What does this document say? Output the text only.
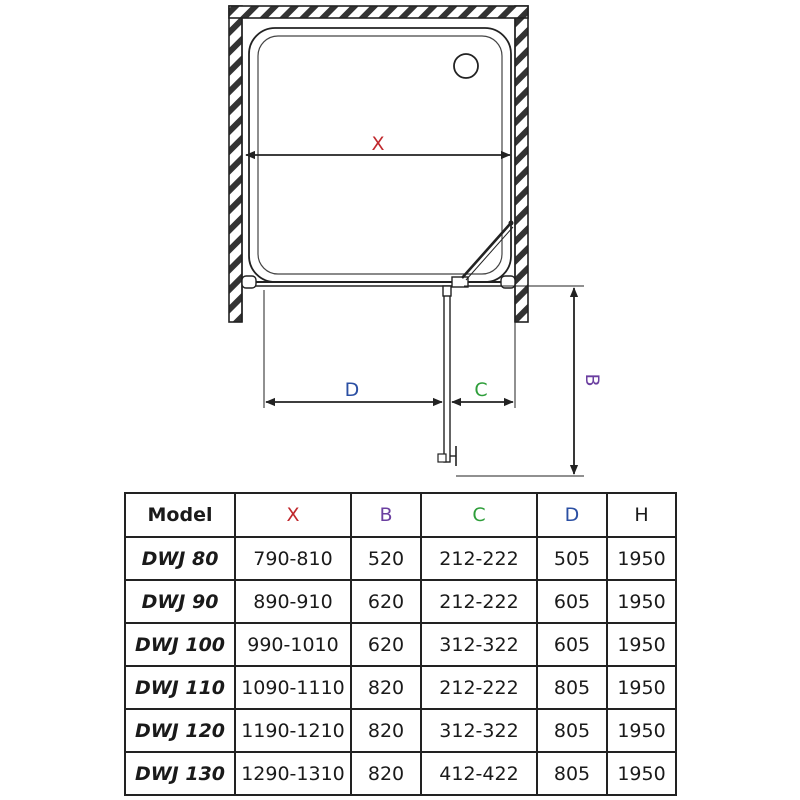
X
D	C	B
Model	X	B	C	D	H
DWJ 80	790-810	520	212-222	505	1950
DWJ 90	890-910	620	212-222	605	1950
DWJ 100	990-1010	620	312-322	605	1950
DWJ 110	1090-1110	820	212-222	805	1950
DWJ 120	1190-1210	820	312-322	805	1950
DWJ 130	1290-1310	820	412-422	805	1950
